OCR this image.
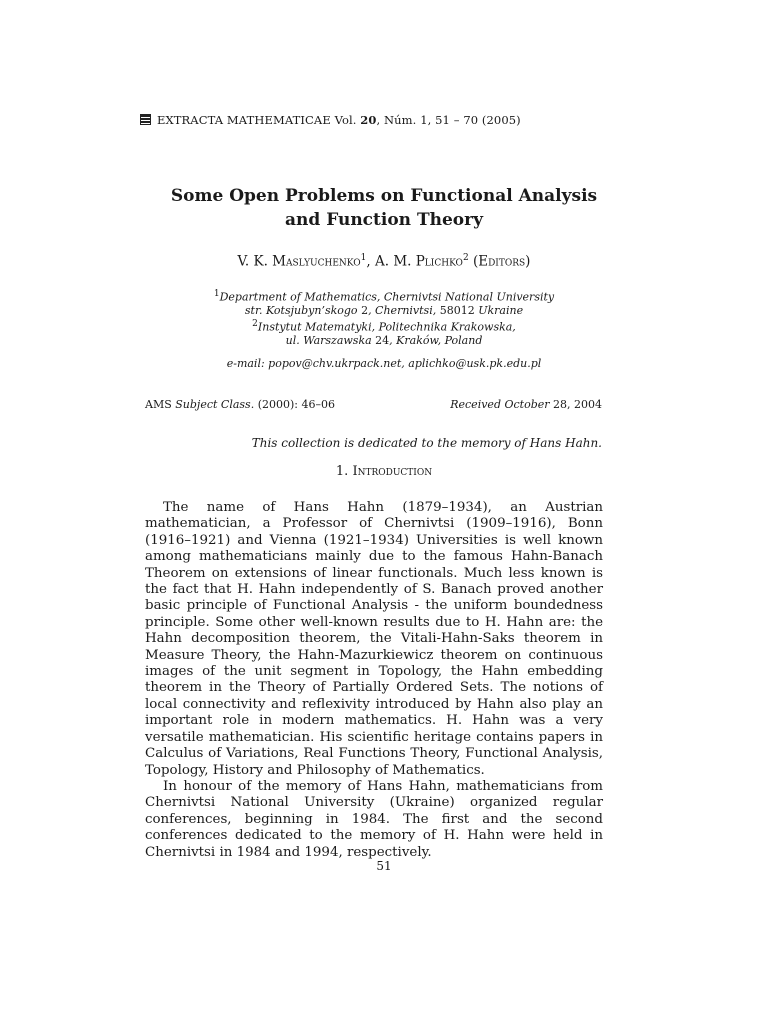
EXTRACTA MATHEMATICAE Vol. 20, Núm. 1, 51 – 70 (2005)
Some Open Problems on Functional Analysis
and Function Theory
V. K. Maslyuchenko$^1$, A. M. Plichko$^2$ (Editors)
$^1$Department of Mathematics, Chernivtsi National University
str. Kotsjubyn’skogo 2, Chernivtsi, 58012 Ukraine
$^2$Instytut Matematyki, Politechnika Krakowska,
ul. Warszawska 24, Kraków, Poland
e-mail: popov@chv.ukrpack.net, aplichko@usk.pk.edu.pl
AMS Subject Class. (2000): 46–06	Received October 28, 2004
This collection is dedicated to the memory of Hans Hahn.
1. Introduction

The name of Hans Hahn (1879–1934), an Austrian mathematician, a Professor of Chernivtsi (1909–1916), Bonn (1916–1921) and Vienna (1921–1934) Universities is well known among mathematicians mainly due to the famous Hahn-Banach Theorem on extensions of linear functionals. Much less known is the fact that H. Hahn independently of S. Banach proved another basic principle of Functional Analysis - the uniform boundedness principle. Some other well-known results due to H. Hahn are: the Hahn decomposition theorem, the Vitali-Hahn-Saks theorem in Measure Theory, the Hahn-Mazurkiewicz theorem on continuous images of the unit segment in Topology, the Hahn embedding theorem in the Theory of Partially Ordered Sets. The notions of local connectivity and reflexivity introduced by Hahn also play an important role in modern mathematics. H. Hahn was a very versatile mathematician. His scientific heritage contains papers in Calculus of Variations, Real Functions Theory, Functional Analysis, Topology, History and Philosophy of Mathematics.

In honour of the memory of Hans Hahn, mathematicians from Chernivtsi National University (Ukraine) organized regular conferences, beginning in 1984. The first and the second conferences dedicated to the memory of H. Hahn were held in Chernivtsi in 1984 and 1994, respectively.

51
